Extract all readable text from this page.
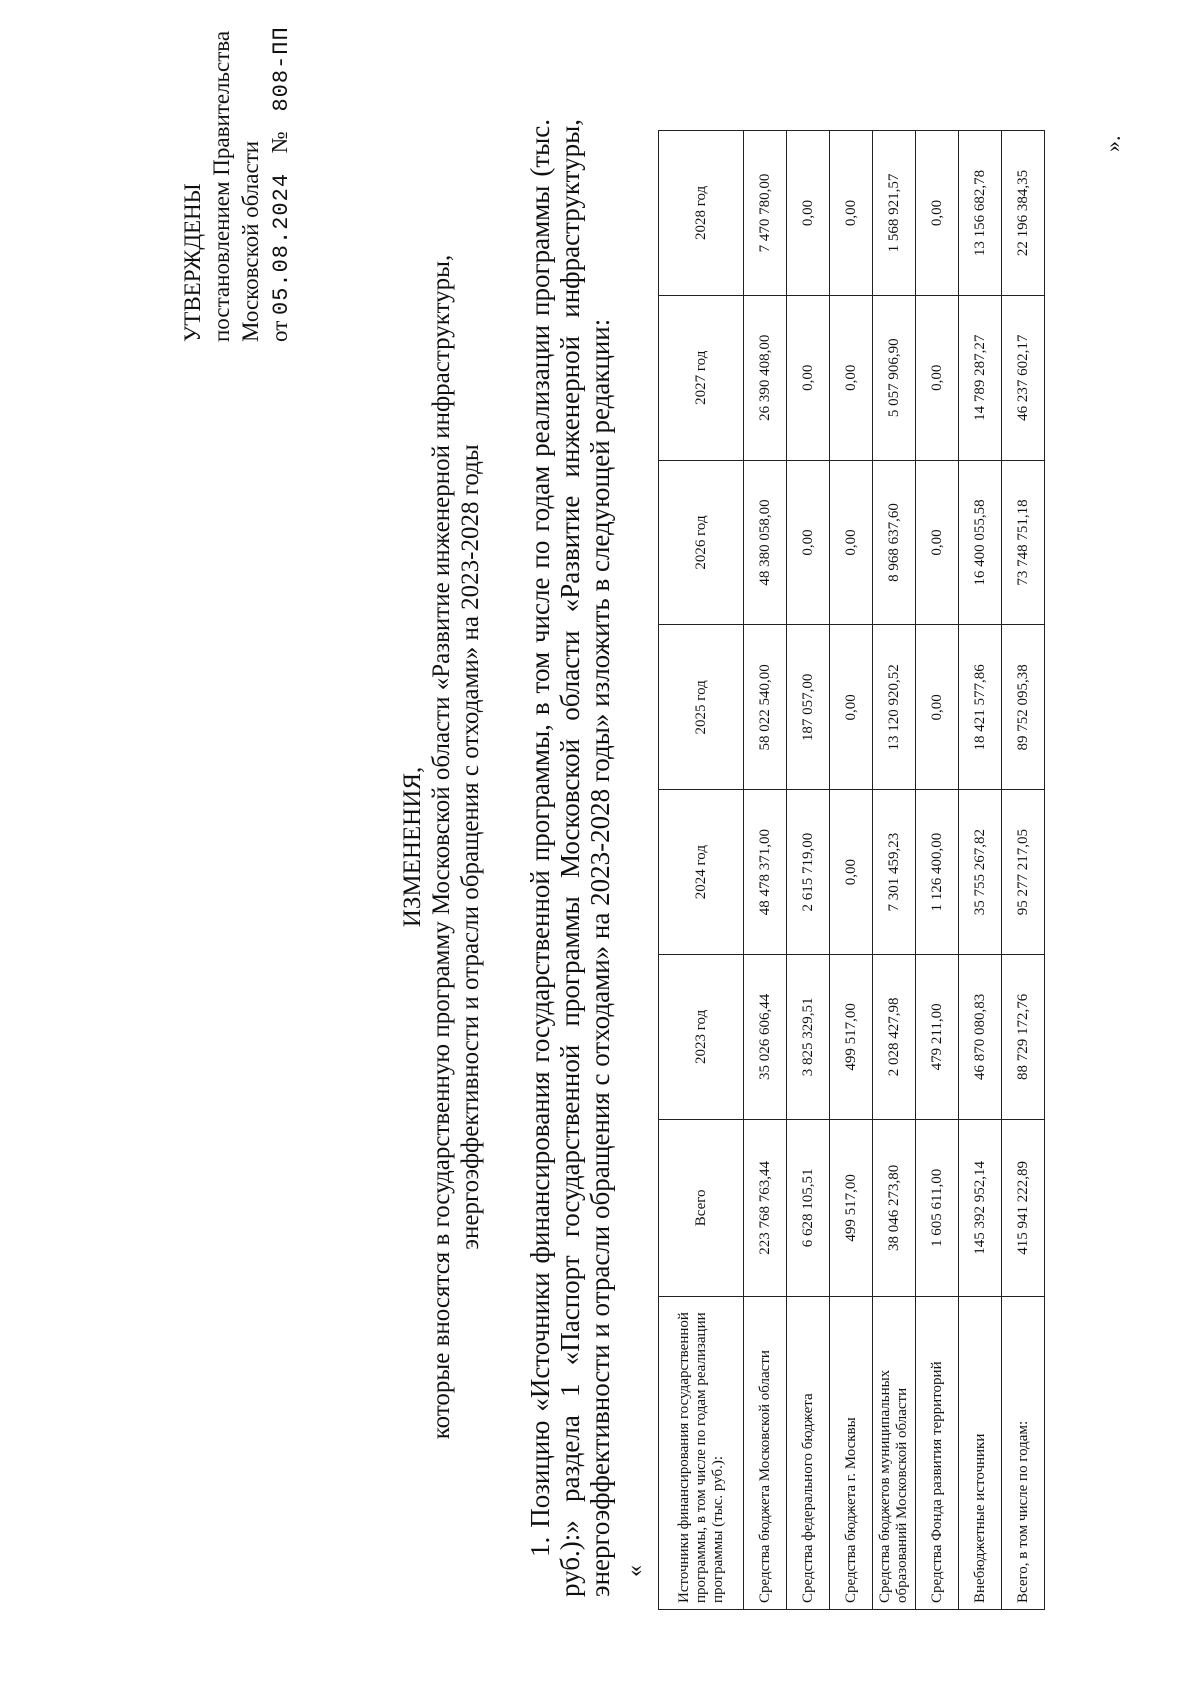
УТВЕРЖДЕНЫ постановлением Правительства Московской области от 05.08.2024 № 808-ПП
ИЗМЕНЕНИЯ, которые вносятся в государственную программу Московской области «Развитие инженерной инфраструктуры, энергоэффективности и отрасли обращения с отходами» на 2023-2028 годы 1. Позицию «Источники финансирования государственной программы, в том числе по годам реализации программы (тыс. руб.):» раздела 1 «Паспорт государственной программы Московской области «Развитие инженерной инфраструктуры, энергоэффективности и отрасли обращения с отходами» на 2023-2028 годы» изложить в следующей редакции: « Источники финансирования государственной программы, в том числе по годам реализации программы (тыс. руб.):	Всего	2023 год	2024 год	2025 год	2026 год	2027 год	2028 год
Средства бюджета Московской области	223 768 763,44	35 026 606,44	48 478 371,00	58 022 540,00	48 380 058,00	26 390 408,00	7 470 780,00
Средства федерального бюджета	6 628 105,51	3 825 329,51	2 615 719,00	187 057,00	0,00	0,00	0,00
Средства бюджета г. Москвы	499 517,00	499 517,00	0,00	0,00	0,00	0,00	0,00
Средства бюджетов муниципальных образований Московской области	38 046 273,80	2 028 427,98	7 301 459,23	13 120 920,52	8 968 637,60	5 057 906,90	1 568 921,57
Средства Фонда развития территорий	1 605 611,00	479 211,00	1 126 400,00	0,00	0,00	0,00	0,00
Внебюджетные источники	145 392 952,14	46 870 080,83	35 755 267,82	18 421 577,86	16 400 055,58	14 789 287,27	13 156 682,78
Всего, в том числе по годам:	415 941 222,89	88 729 172,76	95 277 217,05	89 752 095,38	73 748 751,18	46 237 602,17	22 196 384,35
».
